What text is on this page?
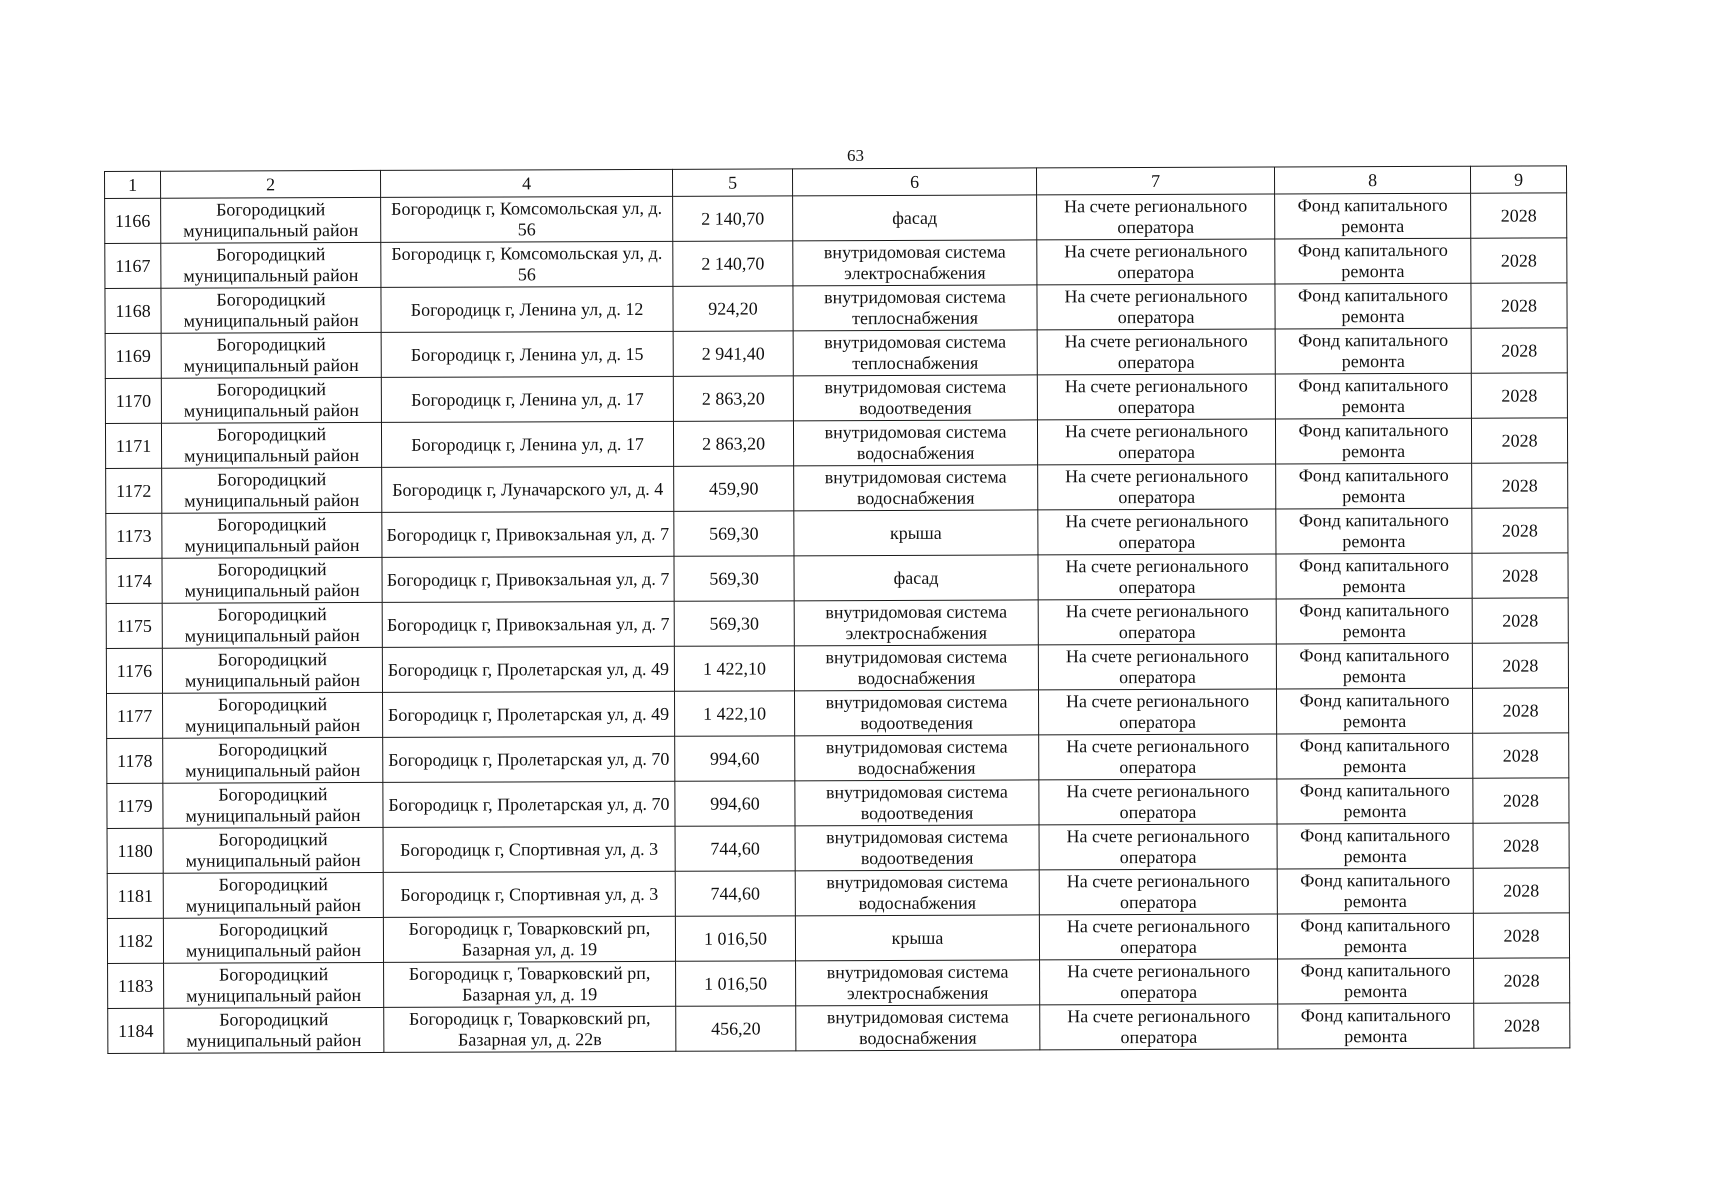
63
1	2	4	5	6	7	8	9
1166	Богородицкий муниципальный район	Богородицк г, Комсомольская ул, д. 56	2 140,70	фасад	На счете регионального оператора	Фонд капитального ремонта	2028
1167	Богородицкий муниципальный район	Богородицк г, Комсомольская ул, д. 56	2 140,70	внутридомовая система электроснабжения	На счете регионального оператора	Фонд капитального ремонта	2028
1168	Богородицкий муниципальный район	Богородицк г, Ленина ул, д. 12	924,20	внутридомовая система теплоснабжения	На счете регионального оператора	Фонд капитального ремонта	2028
1169	Богородицкий муниципальный район	Богородицк г, Ленина ул, д. 15	2 941,40	внутридомовая система теплоснабжения	На счете регионального оператора	Фонд капитального ремонта	2028
1170	Богородицкий муниципальный район	Богородицк г, Ленина ул, д. 17	2 863,20	внутридомовая система водоотведения	На счете регионального оператора	Фонд капитального ремонта	2028
1171	Богородицкий муниципальный район	Богородицк г, Ленина ул, д. 17	2 863,20	внутридомовая система водоснабжения	На счете регионального оператора	Фонд капитального ремонта	2028
1172	Богородицкий муниципальный район	Богородицк г, Луначарского ул, д. 4	459,90	внутридомовая система водоснабжения	На счете регионального оператора	Фонд капитального ремонта	2028
1173	Богородицкий муниципальный район	Богородицк г, Привокзальная ул, д. 7	569,30	крыша	На счете регионального оператора	Фонд капитального ремонта	2028
1174	Богородицкий муниципальный район	Богородицк г, Привокзальная ул, д. 7	569,30	фасад	На счете регионального оператора	Фонд капитального ремонта	2028
1175	Богородицкий муниципальный район	Богородицк г, Привокзальная ул, д. 7	569,30	внутридомовая система электроснабжения	На счете регионального оператора	Фонд капитального ремонта	2028
1176	Богородицкий муниципальный район	Богородицк г, Пролетарская ул, д. 49	1 422,10	внутридомовая система водоснабжения	На счете регионального оператора	Фонд капитального ремонта	2028
1177	Богородицкий муниципальный район	Богородицк г, Пролетарская ул, д. 49	1 422,10	внутридомовая система водоотведения	На счете регионального оператора	Фонд капитального ремонта	2028
1178	Богородицкий муниципальный район	Богородицк г, Пролетарская ул, д. 70	994,60	внутридомовая система водоснабжения	На счете регионального оператора	Фонд капитального ремонта	2028
1179	Богородицкий муниципальный район	Богородицк г, Пролетарская ул, д. 70	994,60	внутридомовая система водоотведения	На счете регионального оператора	Фонд капитального ремонта	2028
1180	Богородицкий муниципальный район	Богородицк г, Спортивная ул, д. 3	744,60	внутридомовая система водоотведения	На счете регионального оператора	Фонд капитального ремонта	2028
1181	Богородицкий муниципальный район	Богородицк г, Спортивная ул, д. 3	744,60	внутридомовая система водоснабжения	На счете регионального оператора	Фонд капитального ремонта	2028
1182	Богородицкий муниципальный район	Богородицк г, Товарковский рп, Базарная ул, д. 19	1 016,50	крыша	На счете регионального оператора	Фонд капитального ремонта	2028
1183	Богородицкий муниципальный район	Богородицк г, Товарковский рп, Базарная ул, д. 19	1 016,50	внутридомовая система электроснабжения	На счете регионального оператора	Фонд капитального ремонта	2028
1184	Богородицкий муниципальный район	Богородицк г, Товарковский рп, Базарная ул, д. 22в	456,20	внутридомовая система водоснабжения	На счете регионального оператора	Фонд капитального ремонта	2028
